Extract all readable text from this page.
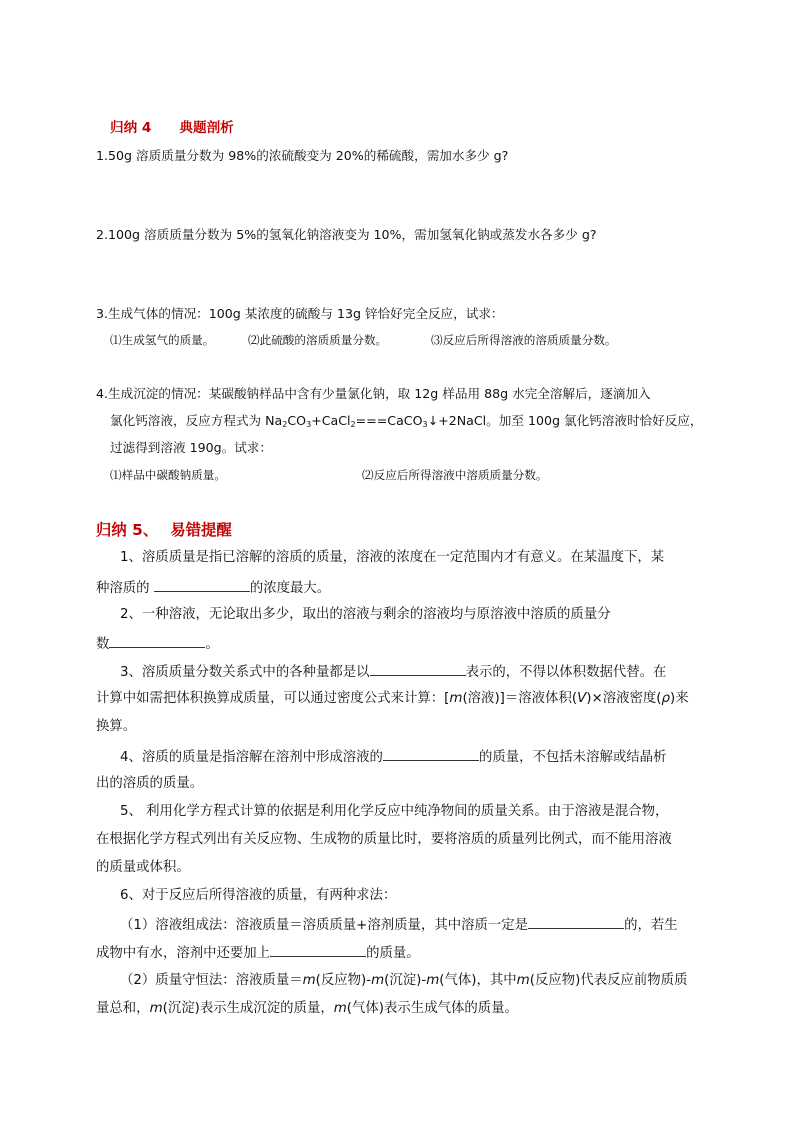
归纳 4 典题剖析
1.50g 溶质质量分数为 98%的浓硫酸变为 20%的稀硫酸，需加水多少 g?
2.100g 溶质质量分数为 5%的氢氧化钠溶液变为 10%，需加氢氧化钠或蒸发水各多少 g?
3.生成气体的情况：100g 某浓度的硫酸与 13g 锌恰好完全反应，试求：
⑴生成氢气的质量。	⑵此硫酸的溶质质量分数。	⑶反应后所得溶液的溶质质量分数。
4.生成沉淀的情况：某碳酸钠样品中含有少量氯化钠，取 12g 样品用 88g 水完全溶解后，逐滴加入
氯化钙溶液，反应方程式为 $Na_2CO_3+CaCl_2===CaCO_3↓+2NaCl$。加至 100g 氯化钙溶液时恰好反应，
过滤得到溶液 190g。试求：
⑴样品中碳酸钠质量。	⑵反应后所得溶液中溶质质量分数。
归纳 5、 易错提醒
1、溶质质量是指已溶解的溶质的质量，溶液的浓度在一定范围内才有意义。在某温度下，某
种溶质的	的浓度最大。
2、一种溶液，无论取出多少，取出的溶液与剩余的溶液均与原溶液中溶质的质量分
数	。
3、溶质质量分数关系式中的各种量都是以	表示的，不得以体积数据代替。在
计算中如需把体积换算成质量，可以通过密度公式来计算：[m(溶液)]＝溶液体积(V)×溶液密度(ρ)来
换算。
4、溶质的质量是指溶解在溶剂中形成溶液的	的质量，不包括未溶解或结晶析
出的溶质的质量。
5、 利用化学方程式计算的依据是利用化学反应中纯净物间的质量关系。由于溶液是混合物，
在根据化学方程式列出有关反应物、生成物的质量比时，要将溶质的质量列比例式，而不能用溶液
的质量或体积。
6、对于反应后所得溶液的质量，有两种求法：
（1）溶液组成法：溶液质量＝溶质质量+溶剂质量，其中溶质一定是	的，若生
成物中有水，溶剂中还要加上	的质量。
（2）质量守恒法：溶液质量＝m(反应物)-m(沉淀)-m(气体)，其中m(反应物)代表反应前物质质
量总和，m(沉淀)表示生成沉淀的质量，m(气体)表示生成气体的质量。
